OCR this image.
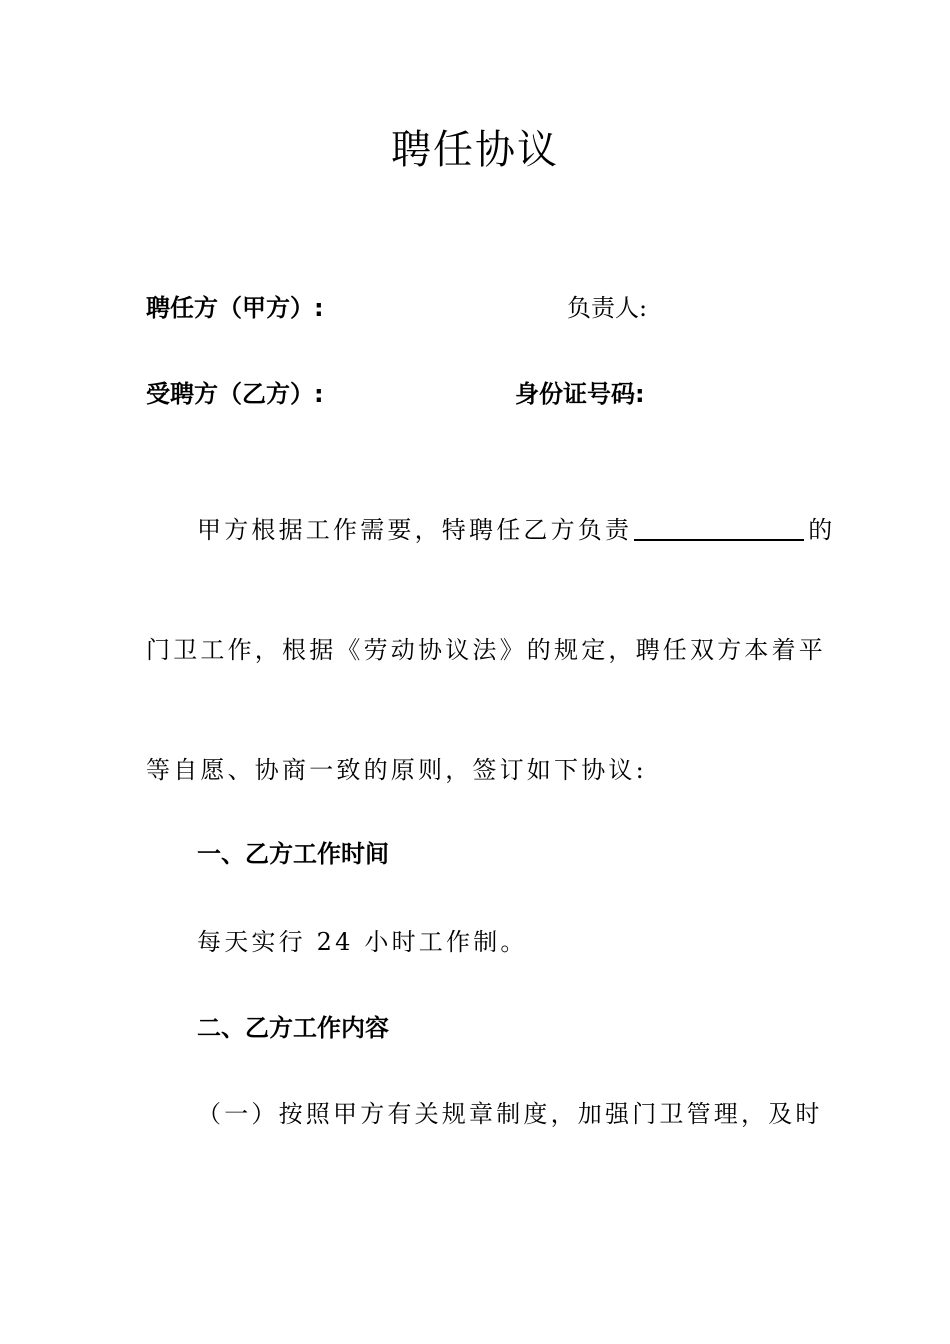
聘任协议
聘任方（甲方）:	负责人:
受聘方（乙方）:	身份证号码:
甲方根据工作需要，特聘任乙方负责	的
门卫工作，根据《劳动协议法》的规定，聘任双方本着平
等自愿、协商一致的原则，签订如下协议:
一、乙方工作时间
每天实行 24 小时工作制。
二、乙方工作内容
（一）按照甲方有关规章制度，加强门卫管理，及时
